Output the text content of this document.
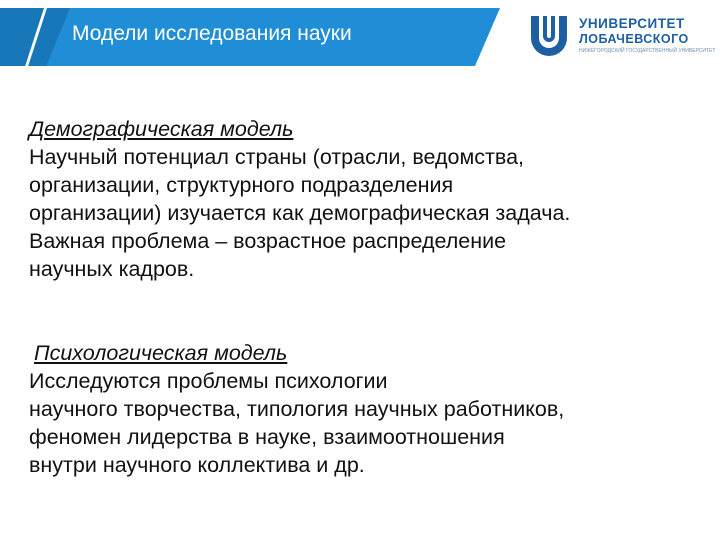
Модели исследования науки	УНИВЕРСИТЕТ
ЛОБАЧЕВСКОГО
НИЖЕГОРОДСКИЙ ГОСУДАРСТВЕННЫЙ УНИВЕРСИТЕТ

Демографическая модель

Научный потенциал страны (отрасли, ведомства,

организации, структурного подразделения

организации) изучается как демографическая задача.

Важная проблема – возрастное распределение

научных кадров.

Психологическая модель

Исследуются проблемы психологии

научного творчества, типология научных работников,

феномен лидерства в науке, взаимоотношения

внутри научного коллектива и др.
